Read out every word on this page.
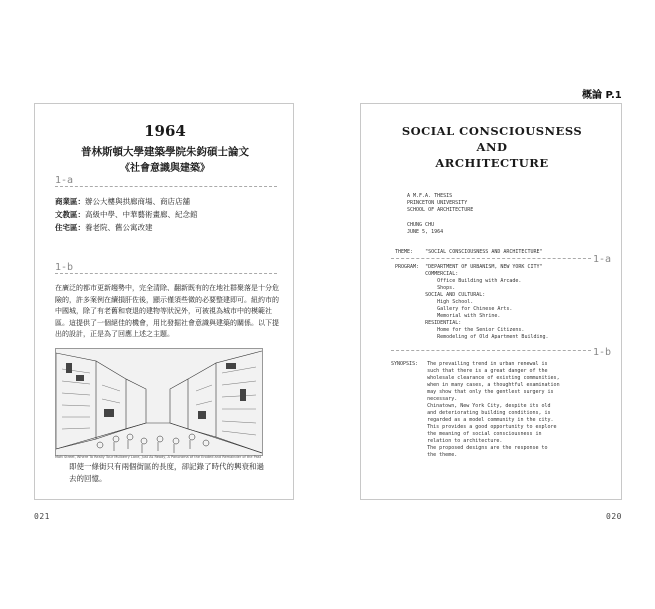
概論 P.1
1964
普林斯頓大學建築學院朱鈞碩士論文
《社會意識與建築》
1-a
商業區：辦公大樓與拱廊商場、商店店舖
文教區：高級中學、中華藝術畫廊、紀念館
住宅區：養老院、舊公寓改建
1-b
在廣泛的都市更新趨勢中，完全清除、翻新既有的在地社群聚落是十分危險的，許多案例在續損肝佐後，顯示僅須些微的必要整建即可。紐約市的中國城，除了有老舊和衰退的建物等狀況外，可被視為城市中的模範社區。這提供了一個絕佳的機會，用比發掘社會意識與建築的關係。以下提出的設計，正是為了回應上述之主題。
Mott Street, Where To Really Tour Mulberry Lane, Just As Ready, A Panorama of the Eroded and Remainder of the Past
即使一條街只有兩個街區的長度，卻記錄了時代的興衰和過去的回憶。
SOCIAL CONSCIOUSNESS
AND
ARCHITECTURE
A M.F.A. THESIS
PRINCETON UNIVERSITY
SCHOOL OF ARCHITECTURE
CHUNG CHU
JUNE 5, 1964
THEME:    "SOCIAL CONSCIOUSNESS AND ARCHITECTURE"
1-a
PROGRAM:  "DEPARTMENT OF URBANISM, NEW YORK CITY"
COMMERCIAL:
Office Building with Arcade.
Shops.
SOCIAL AND CULTURAL:
High School.
Gallery for Chinese Arts.
Memorial with Shrine.
RESIDENTIAL:
Home for the Senior Citizens.
Remodeling of Old Apartment Building.
1-b
SYNOPSIS:   The prevailing trend in urban renewal is
such that there is a great danger of the
wholesale clearance of existing communities,
when in many cases, a thoughtful examination
may show that only the gentlest surgery is
necessary.
Chinatown, New York City, despite its old
and deteriorating building conditions, is
regarded as a model community in the city.
This provides a good opportunity to explore
the meaning of social consciousness in
relation to architecture.
The proposed designs are the response to
the theme.
021	020
